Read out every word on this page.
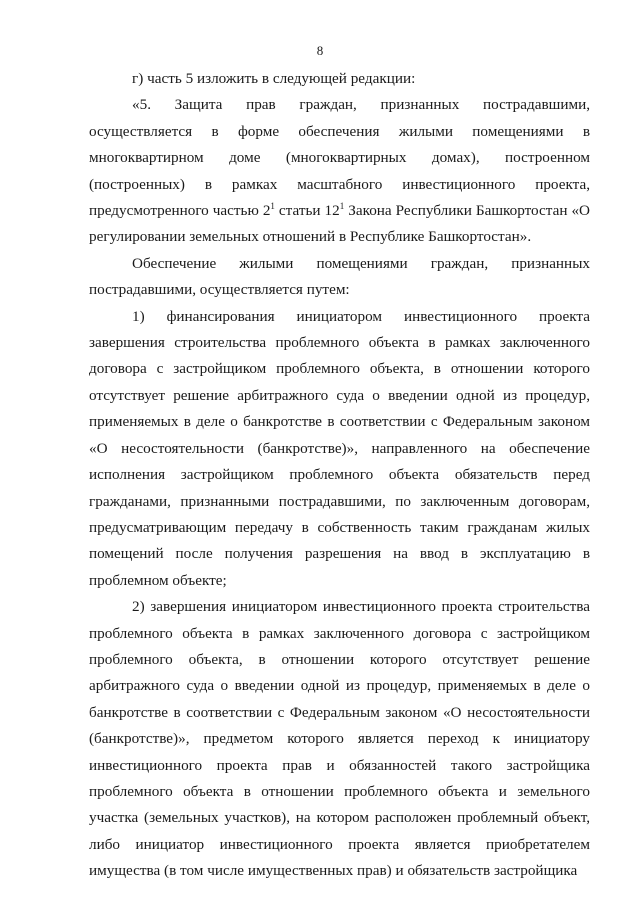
8

г) часть 5 изложить в следующей редакции:

«5. Защита прав граждан, признанных пострадавшими, осуществляется в форме обеспечения жилыми помещениями в многоквартирном доме (многоквартирных домах), построенном (построенных) в рамках масштабного инвестиционного проекта, предусмотренного частью $2^1$ статьи $12^1$ Закона Республики Башкортостан «О регулировании земельных отношений в Республике Башкортостан».

Обеспечение жилыми помещениями граждан, признанных пострадавшими, осуществляется путем:

1) финансирования инициатором инвестиционного проекта завершения строительства проблемного объекта в рамках заключенного договора с застройщиком проблемного объекта, в отношении которого отсутствует решение арбитражного суда о введении одной из процедур, применяемых в деле о банкротстве в соответствии с Федеральным законом «О несостоятельности (банкротстве)», направленного на обеспечение исполнения застройщиком проблемного объекта обязательств перед гражданами, признанными пострадавшими, по заключенным договорам, предусматривающим передачу в собственность таким гражданам жилых помещений после получения разрешения на ввод в эксплуатацию в проблемном объекте;

2) завершения инициатором инвестиционного проекта строительства проблемного объекта в рамках заключенного договора с застройщиком проблемного объекта, в отношении которого отсутствует решение арбитражного суда о введении одной из процедур, применяемых в деле о банкротстве в соответствии с Федеральным законом «О несостоятельности (банкротстве)», предметом которого является переход к инициатору инвестиционного проекта прав и обязанностей такого застройщика проблемного объекта в отношении проблемного объекта и земельного участка (земельных участков), на котором расположен проблемный объект, либо инициатор инвестиционного проекта является приобретателем имущества (в том числе имущественных прав) и обязательств застройщика
